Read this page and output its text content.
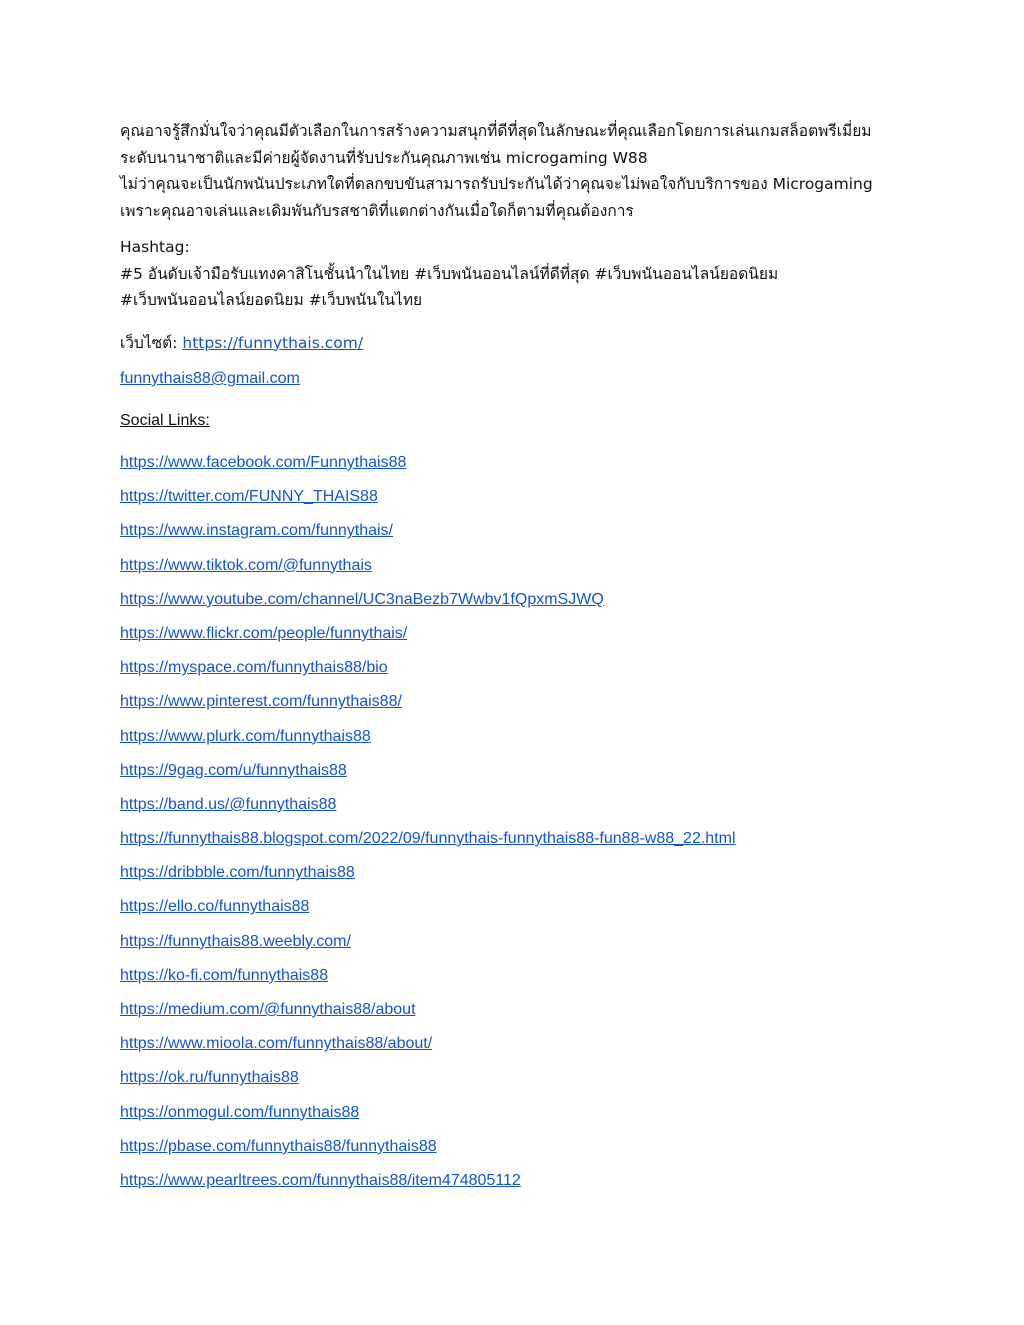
คุณอาจรู้สึกมั่นใจว่าคุณมีตัวเลือกในการสร้างความสนุกที่ดีที่สุดในลักษณะที่คุณเลือกโดยการเล่นเกมสล็อตพรีเมี่ยม
ระดับนานาชาติและมีค่ายผู้จัดงานที่รับประกันคุณภาพเช่น microgaming W88
ไม่ว่าคุณจะเป็นนักพนันประเภทใดที่ตลกขบขันสามารถรับประกันได้ว่าคุณจะไม่พอใจกับบริการของ Microgaming
เพราะคุณอาจเล่นและเดิมพันกับรสชาติที่แตกต่างกันเมื่อใดก็ตามที่คุณต้องการ
Hashtag:
#5 อันดับเจ้ามือรับแทงคาสิโนชั้นนำในไทย #เว็บพนันออนไลน์ที่ดีที่สุด #เว็บพนันออนไลน์ยอดนิยม
#เว็บพนันออนไลน์ยอดนิยม #เว็บพนันในไทย
เว็บไซต์: https://funnythais.com/
funnythais88@gmail.com
Social Links:
https://www.facebook.com/Funnythais88
https://twitter.com/FUNNY_THAIS88
https://www.instagram.com/funnythais/
https://www.tiktok.com/@funnythais
https://www.youtube.com/channel/UC3naBezb7Wwbv1fQpxmSJWQ
https://www.flickr.com/people/funnythais/
https://myspace.com/funnythais88/bio
https://www.pinterest.com/funnythais88/
https://www.plurk.com/funnythais88
https://9gag.com/u/funnythais88
https://band.us/@funnythais88
https://funnythais88.blogspot.com/2022/09/funnythais-funnythais88-fun88-w88_22.html
https://dribbble.com/funnythais88
https://ello.co/funnythais88
https://funnythais88.weebly.com/
https://ko-fi.com/funnythais88
https://medium.com/@funnythais88/about
https://www.mioola.com/funnythais88/about/
https://ok.ru/funnythais88
https://onmogul.com/funnythais88
https://pbase.com/funnythais88/funnythais88
https://www.pearltrees.com/funnythais88/item474805112
